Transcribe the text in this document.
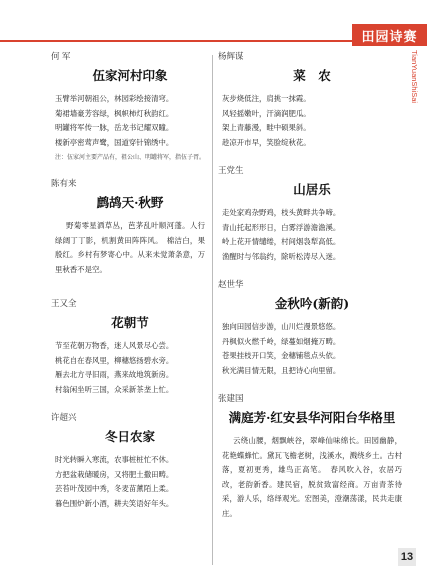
田园诗赛
TianYuanShiSai
何 军
伍家河村印象
玉臂举河朝祖公，林园彩绘接清穹。
菊裙墙豪芳容绿，枫帜柿灯秋韵红。
明罐将军传一脉，岳龙书记耀双瞳。
楼新亭密莺声鹭，国道穿针锦绣中。
注：伍家河主要产品有，祖公山、明罐将军，指伍子胥。
陈有来
鹧鸪天·秋野
野菊零星洒草丛，芭茅乱叶顺河蓬。人行绿阔丁丁影，机割黄田阵阵风。　棉洁白，果殷红。乡村有梦寄心中。从来未觉萧条意，万里秋香不是空。
王又全
花朝节
节至花朝万物香，迷人风景尽心尝。
桃花自在春风里，柳穗悠扬碧水旁。
雁去北方寻旧雨，燕来故地筑新房。
村翁闲坐听三国，众采新茶垄上忙。
许超兴
冬日农家
时光转瞬入寒流，农事桩桩忙不休。
方把盆栽储暖房，又将肥土撒田畴。
芸苔叶茂园中秀，冬麦苗薰陌上柔。
暮色围炉新小酒，耕夫笑语好年头。
杨辉谋
菜　农
灰步烧低注，肩挑一抹霞。
风轻摇嫩叶，汗滴润肥瓜。
架上青藤漫，畦中硕果斜。
趁凉开市早，笑脸绽秋花。
王党生
山居乐
走处家鸡杂野鸡，枝头黄畔共争啼。
青山托起形形日，白雾浮游澹澹溪。
岭上花开情缱绻，村间烟袅犁高低。
渔醒时与邻翁约，除听松涛尽入迷。
赵世华
金秋吟(新韵)
独向田园信步游，山川烂漫景悠悠。
丹枫似火燃千岭，绿蔓如烟掩万畴。
苍果挂枝开口笑，金穗铺毯点头依。
秋光满目情无限，且把诗心向里留。
张建国
满庭芳·红安县华河阳台华格里
云绕山腰，烟飘峡谷，翠峰仙味绵长。田园幽静，花艳蝶蜂忙。黛瓦飞檐老树，浅溪水，溅绕乡土。古村落，夏初更秀，雄鸟正高笔。　春风吹入谷，农居巧改，老韵新香。建民宿，脱贫致富经商。万亩青茶待采，游人乐，络绎观光。宏图美，澄潮荡漾，民共走康庄。
13
